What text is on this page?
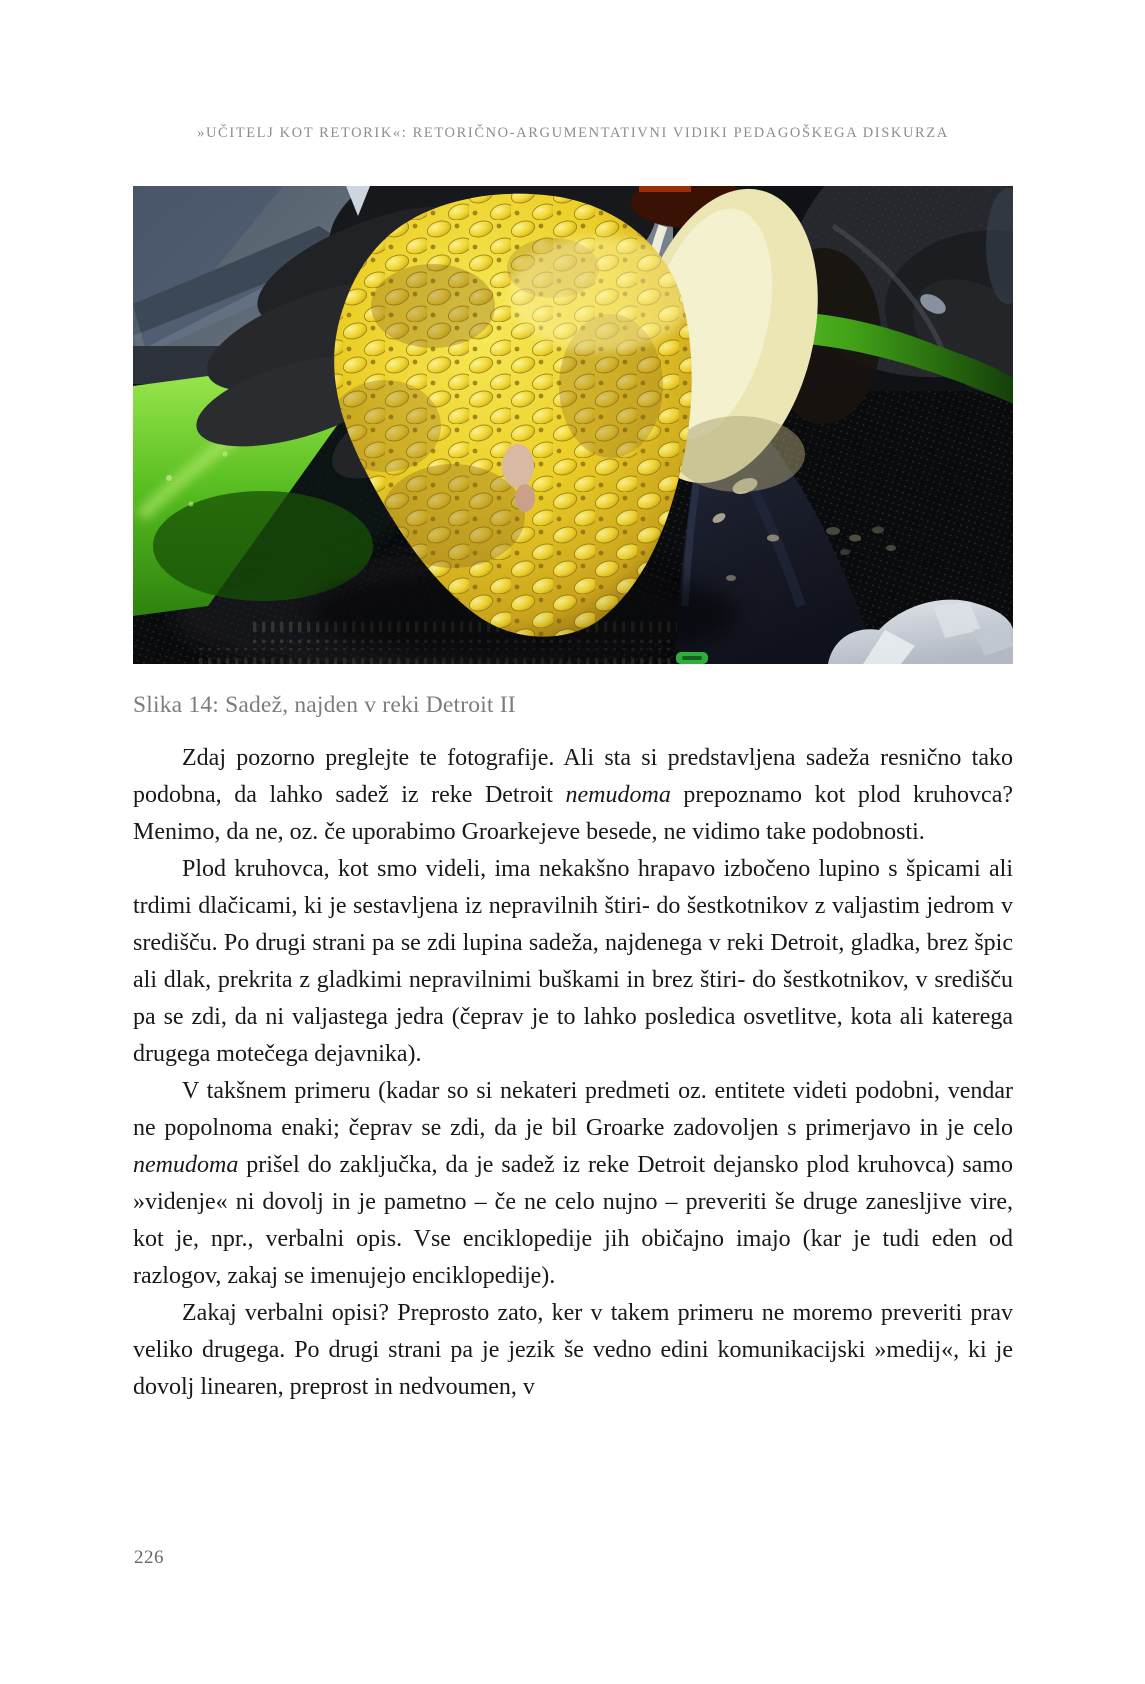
»UČITELJ KOT RETORIK«: RETORIČNO-ARGUMENTATIVNI VIDIKI PEDAGOŠKEGA DISKURZA
Slika 14: Sadež, najden v reki Detroit II

Zdaj pozorno preglejte te fotografije. Ali sta si predstavljena sadeža resnično tako podobna, da lahko sadež iz reke Detroit nemudoma prepoznamo kot plod kruhovca? Menimo, da ne, oz. če uporabimo Groarkejeve besede, ne vidimo take podobnosti.

Plod kruhovca, kot smo videli, ima nekakšno hrapavo izbočeno lupino s špicami ali trdimi dlačicami, ki je sestavljena iz nepravilnih štiri- do šestkotnikov z valjastim jedrom v središču. Po drugi strani pa se zdi lupina sadeža, najdenega v reki Detroit, gladka, brez špic ali dlak, prekrita z gladkimi nepravilnimi buškami in brez štiri- do šestkotnikov, v središču pa se zdi, da ni valjastega jedra (čeprav je to lahko posledica osvetlitve, kota ali katerega drugega motečega dejavnika).

V takšnem primeru (kadar so si nekateri predmeti oz. entitete videti podobni, vendar ne popolnoma enaki; čeprav se zdi, da je bil Groarke zadovoljen s primerjavo in je celo nemudoma prišel do zaključka, da je sadež iz reke Detroit dejansko plod kruhovca) samo »videnje« ni dovolj in je pametno – če ne celo nujno – preveriti še druge zanesljive vire, kot je, npr., verbalni opis. Vse enciklopedije jih običajno imajo (kar je tudi eden od razlogov, zakaj se imenujejo enciklopedije).

Zakaj verbalni opisi? Preprosto zato, ker v takem primeru ne moremo preveriti prav veliko drugega. Po drugi strani pa je jezik še vedno edini komunikacijski »medij«, ki je dovolj linearen, preprost in nedvoumen, v

226
